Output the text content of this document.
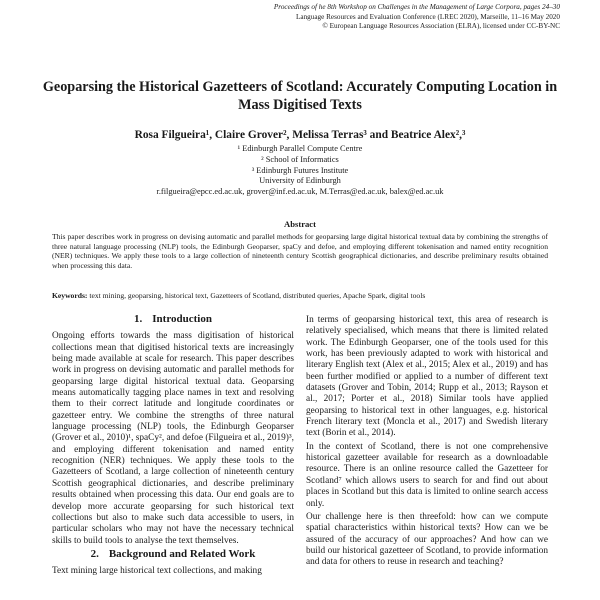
Proceedings of he 8th Workshop on Challenges in the Management of Large Corpora, pages 24–30
Language Resources and Evaluation Conference (LREC 2020), Marseille, 11–16 May 2020
© European Language Resources Association (ELRA), licensed under CC-BY-NC
Geoparsing the Historical Gazetteers of Scotland: Accurately Computing Location in Mass Digitised Texts
Rosa Filgueira¹, Claire Grover², Melissa Terras³ and Beatrice Alex²,³
¹ Edinburgh Parallel Compute Centre
² School of Informatics
³ Edinburgh Futures Institute
University of Edinburgh
r.filgueira@epcc.ed.ac.uk, grover@inf.ed.ac.uk, M.Terras@ed.ac.uk, balex@ed.ac.uk
Abstract
This paper describes work in progress on devising automatic and parallel methods for geoparsing large digital historical textual data by combining the strengths of three natural language processing (NLP) tools, the Edinburgh Geoparser, spaCy and defoe, and employing different tokenisation and named entity recognition (NER) techniques. We apply these tools to a large collection of nineteenth century Scottish geographical dictionaries, and describe preliminary results obtained when processing this data.
Keywords: text mining, geoparsing, historical text, Gazetteers of Scotland, distributed queries, Apache Spark, digital tools
1. Introduction
Ongoing efforts towards the mass digitisation of historical collections mean that digitised historical texts are increasingly being made available at scale for research. This paper describes work in progress on devising automatic and parallel methods for geoparsing large digital historical textual data. Geoparsing means automatically tagging place names in text and resolving them to their correct latitude and longitude coordinates or gazetteer entry. We combine the strengths of three natural language processing (NLP) tools, the Edinburgh Geoparser (Grover et al., 2010)¹, spaCy², and defoe (Filgueira et al., 2019)³, and employing different tokenisation and named entity recognition (NER) techniques. We apply these tools to the Gazetteers of Scotland, a large collection of nineteenth century Scottish geographical dictionaries, and describe preliminary results obtained when processing this data. Our end goals are to develop more accurate geoparsing for such historical text collections but also to make such data accessible to users, in particular scholars who may not have the necessary technical skills to build tools to analyse the text themselves.
2. Background and Related Work
Text mining large historical text collections, and making
In terms of geoparsing historical text, this area of research is relatively specialised, which means that there is limited related work. The Edinburgh Geoparser, one of the tools used for this work, has been previously adapted to work with historical and literary English text (Alex et al., 2015; Alex et al., 2019) and has been further modified or applied to a number of different text datasets (Grover and Tobin, 2014; Rupp et al., 2013; Rayson et al., 2017; Porter et al., 2018) Similar tools have applied geoparsing to historical text in other languages, e.g. historical French literary text (Moncla et al., 2017) and Swedish literary text (Borin et al., 2014).
In the context of Scotland, there is not one comprehensive historical gazetteer available for research as a downloadable resource. There is an online resource called the Gazetteer for Scotland⁷ which allows users to search for and find out about places in Scotland but this data is limited to online search access only.
Our challenge here is then threefold: how can we compute spatial characteristics within historical texts? How can we be assured of the accuracy of our approaches? And how can we build our historical gazetteer of Scotland, to provide information and data for others to reuse in research and teaching?
